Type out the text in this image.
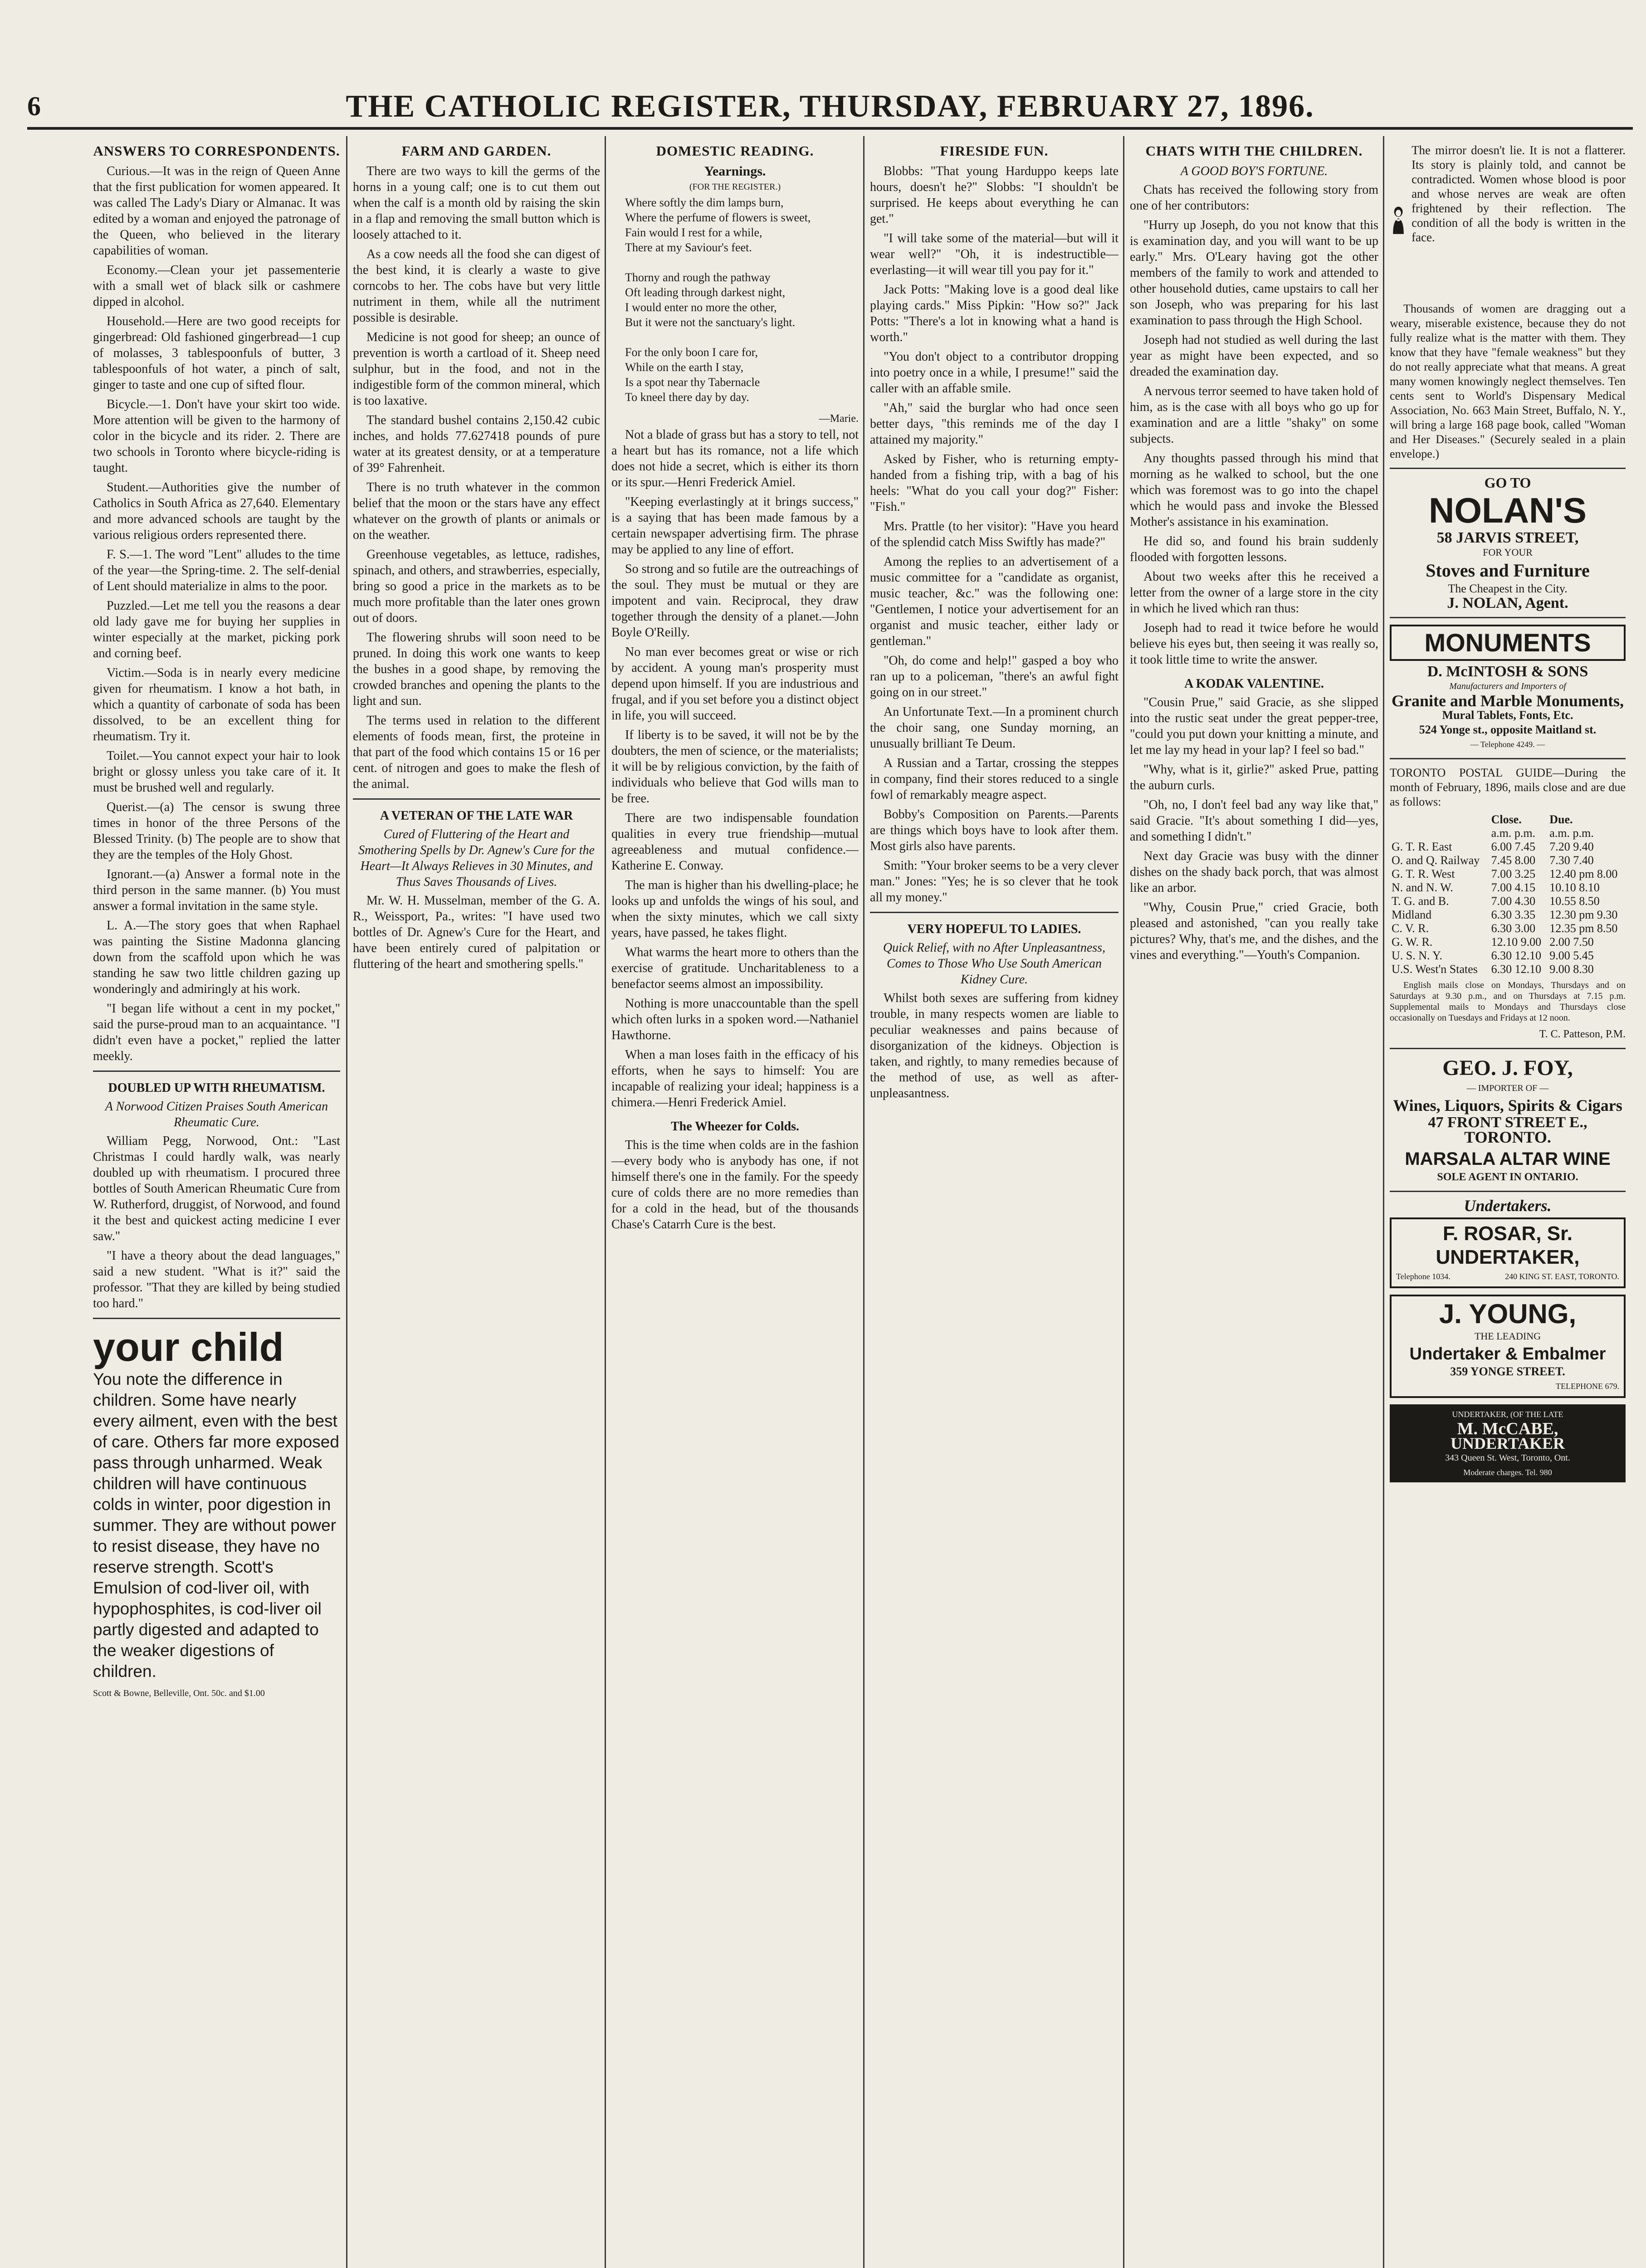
6	THE CATHOLIC REGISTER, THURSDAY, FEBRUARY 27, 1896.
ANSWERS TO CORRESPONDENTS.

Curious.—It was in the reign of Queen Anne that the first publication for women appeared. It was called The Lady's Diary or Almanac. It was edited by a woman and enjoyed the patronage of the Queen, who believed in the literary capabilities of woman.

Economy.—Clean your jet passementerie with a small wet of black silk or cashmere dipped in alcohol.

Household.—Here are two good receipts for gingerbread: Old fashioned gingerbread—1 cup of molasses, 3 tablespoonfuls of butter, 3 tablespoonfuls of hot water, a pinch of salt, ginger to taste and one cup of sifted flour.

Bicycle.—1. Don't have your skirt too wide. More attention will be given to the harmony of color in the bicycle and its rider. 2. There are two schools in Toronto where bicycle-riding is taught.

Student.—Authorities give the number of Catholics in South Africa as 27,640. Elementary and more advanced schools are taught by the various religious orders represented there.

F. S.—1. The word "Lent" alludes to the time of the year—the Spring-time. 2. The self-denial of Lent should materialize in alms to the poor.

Puzzled.—Let me tell you the reasons a dear old lady gave me for buying her supplies in winter especially at the market, picking pork and corning beef.

Victim.—Soda is in nearly every medicine given for rheumatism. I know a hot bath, in which a quantity of carbonate of soda has been dissolved, to be an excellent thing for rheumatism. Try it.

Toilet.—You cannot expect your hair to look bright or glossy unless you take care of it. It must be brushed well and regularly.

Querist.—(a) The censor is swung three times in honor of the three Persons of the Blessed Trinity. (b) The people are to show that they are the temples of the Holy Ghost.

Ignorant.—(a) Answer a formal note in the third person in the same manner. (b) You must answer a formal invitation in the same style.

L. A.—The story goes that when Raphael was painting the Sistine Madonna glancing down from the scaffold upon which he was standing he saw two little children gazing up wonderingly and admiringly at his work.

"I began life without a cent in my pocket," said the purse-proud man to an acquaintance. "I didn't even have a pocket," replied the latter meekly.

DOUBLED UP WITH RHEUMATISM.
A Norwood Citizen Praises South American Rheumatic Cure.

William Pegg, Norwood, Ont.: "Last Christmas I could hardly walk, was nearly doubled up with rheumatism. I procured three bottles of South American Rheumatic Cure from W. Rutherford, druggist, of Norwood, and found it the best and quickest acting medicine I ever saw."

"I have a theory about the dead languages," said a new student. "What is it?" said the professor. "That they are killed by being studied too hard."

your child
You note the difference in children. Some have nearly every ailment, even with the best of care. Others far more exposed pass through unharmed. Weak children will have continuous colds in winter, poor digestion in summer. They are without power to resist disease, they have no reserve strength. Scott's Emulsion of cod-liver oil, with hypophosphites, is cod-liver oil partly digested and adapted to the weaker digestions of children.
Scott & Bowne, Belleville, Ont. 50c. and $1.00
FARM AND GARDEN.

There are two ways to kill the germs of the horns in a young calf; one is to cut them out when the calf is a month old by raising the skin in a flap and removing the small button which is loosely attached to it.

As a cow needs all the food she can digest of the best kind, it is clearly a waste to give corncobs to her. The cobs have but very little nutriment in them, while all the nutriment possible is desirable.

Medicine is not good for sheep; an ounce of prevention is worth a cartload of it. Sheep need sulphur, but in the food, and not in the indigestible form of the common mineral, which is too laxative.

The standard bushel contains 2,150.42 cubic inches, and holds 77.627418 pounds of pure water at its greatest density, or at a temperature of 39° Fahrenheit.

There is no truth whatever in the common belief that the moon or the stars have any effect whatever on the growth of plants or animals or on the weather.

Greenhouse vegetables, as lettuce, radishes, spinach, and others, and strawberries, especially, bring so good a price in the markets as to be much more profitable than the later ones grown out of doors.

The flowering shrubs will soon need to be pruned. In doing this work one wants to keep the bushes in a good shape, by removing the crowded branches and opening the plants to the light and sun.

The terms used in relation to the different elements of foods mean, first, the proteine in that part of the food which contains 15 or 16 per cent. of nitrogen and goes to make the flesh of the animal.

A VETERAN OF THE LATE WAR
Cured of Fluttering of the Heart and Smothering Spells by Dr. Agnew's Cure for the Heart—It Always Relieves in 30 Minutes, and Thus Saves Thousands of Lives.

Mr. W. H. Musselman, member of the G. A. R., Weissport, Pa., writes: "I have used two bottles of Dr. Agnew's Cure for the Heart, and have been entirely cured of palpitation or fluttering of the heart and smothering spells."

DOMESTIC READING.
Yearnings.
(FOR THE REGISTER.)
Where softly the dim lamps burn,
Where the perfume of flowers is sweet,
Fain would I rest for a while,
There at my Saviour's feet.

Thorny and rough the pathway
Oft leading through darkest night,
I would enter no more the other,
But it were not the sanctuary's light.

For the only boon I care for,
While on the earth I stay,
Is a spot near thy Tabernacle
To kneel there day by day.
—Marie.

Not a blade of grass but has a story to tell, not a heart but has its romance, not a life which does not hide a secret, which is either its thorn or its spur.—Henri Frederick Amiel.

"Keeping everlastingly at it brings success," is a saying that has been made famous by a certain newspaper advertising firm. The phrase may be applied to any line of effort.

So strong and so futile are the outreachings of the soul. They must be mutual or they are impotent and vain. Reciprocal, they draw together through the density of a planet.—John Boyle O'Reilly.

No man ever becomes great or wise or rich by accident. A young man's prosperity must depend upon himself. If you are industrious and frugal, and if you set before you a distinct object in life, you will succeed.

If liberty is to be saved, it will not be by the doubters, the men of science, or the materialists; it will be by religious conviction, by the faith of individuals who believe that God wills man to be free.

There are two indispensable foundation qualities in every true friendship—mutual agreeableness and mutual confidence.—Katherine E. Conway.

The man is higher than his dwelling-place; he looks up and unfolds the wings of his soul, and when the sixty minutes, which we call sixty years, have passed, he takes flight.

What warms the heart more to others than the exercise of gratitude. Uncharitableness to a benefactor seems almost an impossibility.

Nothing is more unaccountable than the spell which often lurks in a spoken word.—Nathaniel Hawthorne.

When a man loses faith in the efficacy of his efforts, when he says to himself: You are incapable of realizing your ideal; happiness is a chimera.—Henri Frederick Amiel.

The Wheezer for Colds.

This is the time when colds are in the fashion—every body who is anybody has one, if not himself there's one in the family. For the speedy cure of colds there are no more remedies than for a cold in the head, but of the thousands Chase's Catarrh Cure is the best.

FIRESIDE FUN.

Blobbs: "That young Harduppo keeps late hours, doesn't he?" Slobbs: "I shouldn't be surprised. He keeps about everything he can get."

"I will take some of the material—but will it wear well?" "Oh, it is indestructible—everlasting—it will wear till you pay for it."

Jack Potts: "Making love is a good deal like playing cards." Miss Pipkin: "How so?" Jack Potts: "There's a lot in knowing what a hand is worth."

"You don't object to a contributor dropping into poetry once in a while, I presume!" said the caller with an affable smile.

"Ah," said the burglar who had once seen better days, "this reminds me of the day I attained my majority."

Asked by Fisher, who is returning empty-handed from a fishing trip, with a bag of his heels: "What do you call your dog?" Fisher: "Fish."

Mrs. Prattle (to her visitor): "Have you heard of the splendid catch Miss Swiftly has made?"

Among the replies to an advertisement of a music committee for a "candidate as organist, music teacher, &c." was the following one: "Gentlemen, I notice your advertisement for an organist and music teacher, either lady or gentleman."

"Oh, do come and help!" gasped a boy who ran up to a policeman, "there's an awful fight going on in our street."

An Unfortunate Text.—In a prominent church the choir sang, one Sunday morning, an unusually brilliant Te Deum.

A Russian and a Tartar, crossing the steppes in company, find their stores reduced to a single fowl of remarkably meagre aspect.

Bobby's Composition on Parents.—Parents are things which boys have to look after them. Most girls also have parents.

Smith: "Your broker seems to be a very clever man." Jones: "Yes; he is so clever that he took all my money."

VERY HOPEFUL TO LADIES.
Quick Relief, with no After Unpleasantness, Comes to Those Who Use South American Kidney Cure.

Whilst both sexes are suffering from kidney trouble, in many respects women are liable to peculiar weaknesses and pains because of disorganization of the kidneys. Objection is taken, and rightly, to many remedies because of the method of use, as well as after-unpleasantness.

CHATS WITH THE CHILDREN.
A GOOD BOY'S FORTUNE.

Chats has received the following story from one of her contributors:

"Hurry up Joseph, do you not know that this is examination day, and you will want to be up early." Mrs. O'Leary having got the other members of the family to work and attended to other household duties, came upstairs to call her son Joseph, who was preparing for his last examination to pass through the High School.

Joseph had not studied as well during the last year as might have been expected, and so dreaded the examination day.

A nervous terror seemed to have taken hold of him, as is the case with all boys who go up for examination and are a little "shaky" on some subjects.

Any thoughts passed through his mind that morning as he walked to school, but the one which was foremost was to go into the chapel which he would pass and invoke the Blessed Mother's assistance in his examination.

He did so, and found his brain suddenly flooded with forgotten lessons.

About two weeks after this he received a letter from the owner of a large store in the city in which he lived which ran thus:

Joseph had to read it twice before he would believe his eyes but, then seeing it was really so, it took little time to write the answer.

A KODAK VALENTINE.

"Cousin Prue," said Gracie, as she slipped into the rustic seat under the great pepper-tree, "could you put down your knitting a minute, and let me lay my head in your lap? I feel so bad."

"Why, what is it, girlie?" asked Prue, patting the auburn curls.

"Oh, no, I don't feel bad any way like that," said Gracie. "It's about something I did—yes, and something I didn't."

Next day Gracie was busy with the dinner dishes on the shady back porch, that was almost like an arbor.

"Why, Cousin Prue," cried Gracie, both pleased and astonished, "can you really take pictures? Why, that's me, and the dishes, and the vines and everything."—Youth's Companion.

The mirror doesn't lie. It is not a flatterer. Its story is plainly told, and cannot be contradicted. Women whose blood is poor and whose nerves are weak are often frightened by their reflection. The condition of all the body is written in the face.

Thousands of women are dragging out a weary, miserable existence, because they do not fully realize what is the matter with them. They know that they have "female weakness" but they do not really appreciate what that means. A great many women knowingly neglect themselves. Ten cents sent to World's Dispensary Medical Association, No. 663 Main Street, Buffalo, N. Y., will bring a large 168 page book, called "Woman and Her Diseases." (Securely sealed in a plain envelope.)

GO TO
NOLAN'S
58 JARVIS STREET,
FOR YOUR
Stoves and Furniture
The Cheapest in the City.
J. NOLAN, Agent.
MONUMENTS
D. McINTOSH & SONS
Manufacturers and Importers of
Granite and Marble Monuments,
Mural Tablets, Fonts, Etc.
524 Yonge st., opposite Maitland st.
— Telephone 4249. —

TORONTO POSTAL GUIDE—During the month of February, 1896, mails close and are due as follows:

	Close.	Due.
	a.m. p.m.	a.m. p.m.
G. T. R. East	6.00 7.45	7.20 9.40
O. and Q. Railway	7.45 8.00	7.30 7.40
G. T. R. West	7.00 3.25	12.40 pm 8.00
N. and N. W.	7.00 4.15	10.10 8.10
T. G. and B.	7.00 4.30	10.55 8.50
Midland	6.30 3.35	12.30 pm 9.30
C. V. R.	6.30 3.00	12.35 pm 8.50
G. W. R.	12.10 9.00	2.00 7.50
U. S. N. Y.	6.30 12.10	9.00 5.45
U.S. West'n States	6.30 12.10	9.00 8.30

English mails close on Mondays, Thursdays and on Saturdays at 9.30 p.m., and on Thursdays at 7.15 p.m. Supplemental mails to Mondays and Thursdays close occasionally on Tuesdays and Fridays at 12 noon.

T. C. Patteson, P.M.
GEO. J. FOY,
— IMPORTER OF —
Wines, Liquors, Spirits & Cigars
47 FRONT STREET E.,
TORONTO.
MARSALA ALTAR WINE
SOLE AGENT IN ONTARIO.
Undertakers.
F. ROSAR, Sr.
UNDERTAKER,
Telephone 1034.	240 KING ST. EAST, TORONTO.
J. YOUNG,
THE LEADING
Undertaker & Embalmer
359 YONGE STREET.
TELEPHONE 679.
UNDERTAKER, (OF THE LATE
M. McCABE,
UNDERTAKER
343 Queen St. West, Toronto, Ont.
Moderate charges. Tel. 980
